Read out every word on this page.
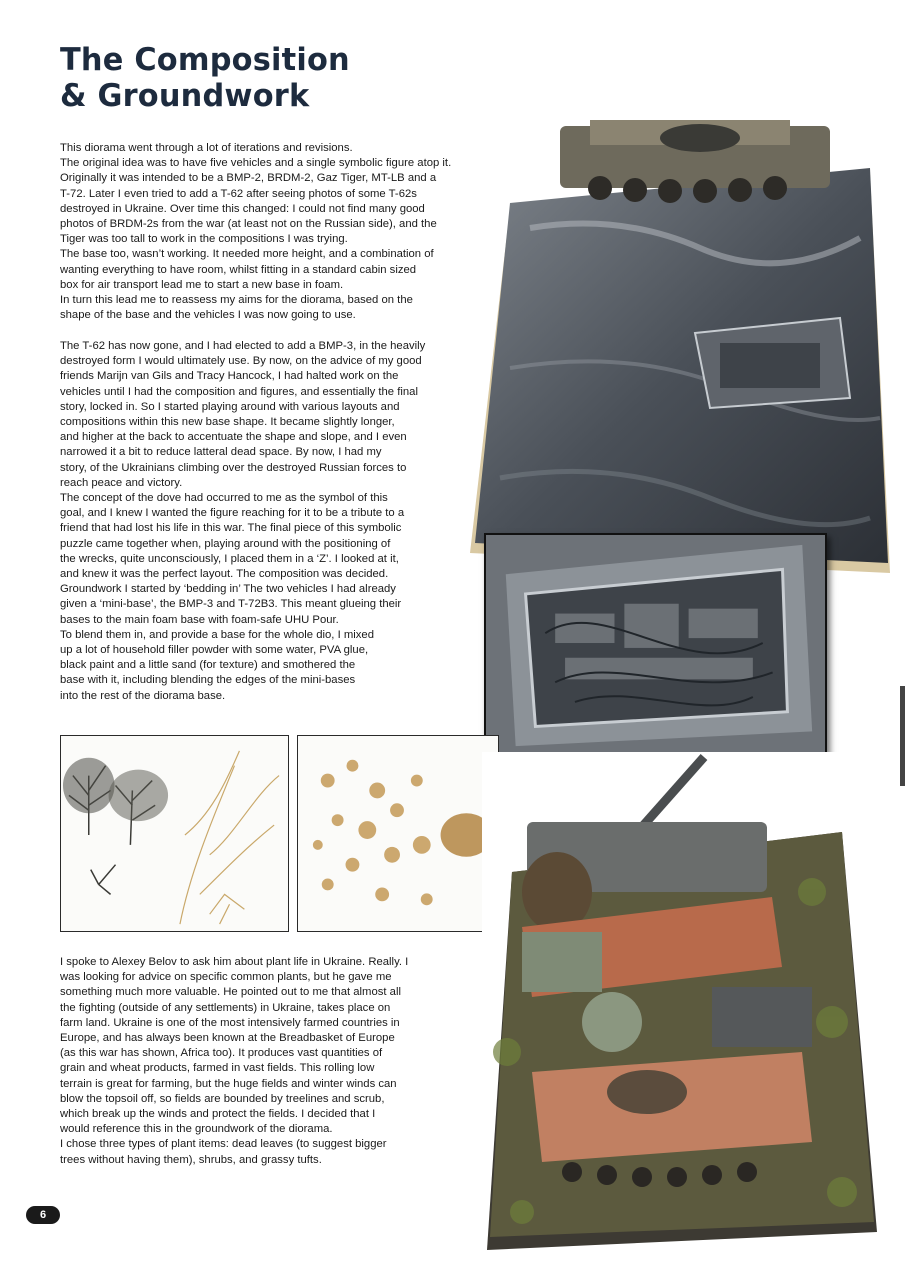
The Composition
& Groundwork
This diorama went through a lot of iterations and revisions.
The original idea was to have five vehicles and a single symbolic figure atop it.
Originally it was intended to be a BMP-2, BRDM-2, Gaz Tiger, MT-LB and a
T-72. Later I even tried to add a T-62 after seeing photos of some T-62s
destroyed in Ukraine. Over time this changed: I could not find many good
photos of BRDM-2s from the war (at least not on the Russian side), and the
Tiger was too tall to work in the compositions I was trying.
The base too, wasn’t working. It needed more height, and a combination of
wanting everything to have room, whilst fitting in a standard cabin sized
box for air transport lead me to start a new base in foam.
In turn this lead me to reassess my aims for the diorama, based on the
shape of the base and the vehicles I was now going to use.
The T-62 has now gone, and I had elected to add a BMP-3, in the heavily
destroyed form I would ultimately use. By now, on the advice of my good
friends Marijn van Gils and Tracy Hancock, I had halted work on the
vehicles until I had the composition and figures, and essentially the final
story, locked in. So I started playing around with various layouts and
compositions within this new base shape. It became slightly longer,
and higher at the back to accentuate the shape and slope, and I even
narrowed it a bit to reduce latteral dead space. By now, I had my
story, of the Ukrainians climbing over the destroyed Russian forces to
reach peace and victory.
The concept of the dove had occurred to me as the symbol of this
goal, and I knew I wanted the figure reaching for it to be a tribute to a
friend that had lost his life in this war. The final piece of this symbolic
puzzle came together when, playing around with the positioning of
the wrecks, quite unconsciously, I placed them in a ‘Z’. I looked at it,
and knew it was the perfect layout. The composition was decided.
Groundwork I started by ‘bedding in’ The two vehicles I had already
given a ‘mini-base’, the BMP-3 and T-72B3. This meant glueing their
bases to the main foam base with foam-safe UHU Pour.
To blend them in, and provide a base for the whole dio, I mixed
up a lot of household filler powder with some water, PVA glue,
black paint and a little sand (for texture) and smothered the
base with it, including blending the edges of the mini-bases
into the rest of the diorama base.
I spoke to Alexey Belov to ask him about plant life in Ukraine. Really. I
was looking for advice on specific common plants, but he gave me
something much more valuable. He pointed out to me that almost all
the fighting (outside of any settlements) in Ukraine, takes place on
farm land. Ukraine is one of the most intensively farmed countries in
Europe, and has always been known at the Breadbasket of Europe
(as this war has shown, Africa too). It produces vast quantities of
grain and wheat products, farmed in vast fields. This rolling low
terrain is great for farming, but the huge fields and winter winds can
blow the topsoil off, so fields are bounded by treelines and scrub,
which break up the winds and protect the fields. I decided that I
would reference this in the groundwork of the diorama.
I chose three types of plant items: dead leaves (to suggest bigger
trees without having them), shrubs, and grassy tufts.
6
